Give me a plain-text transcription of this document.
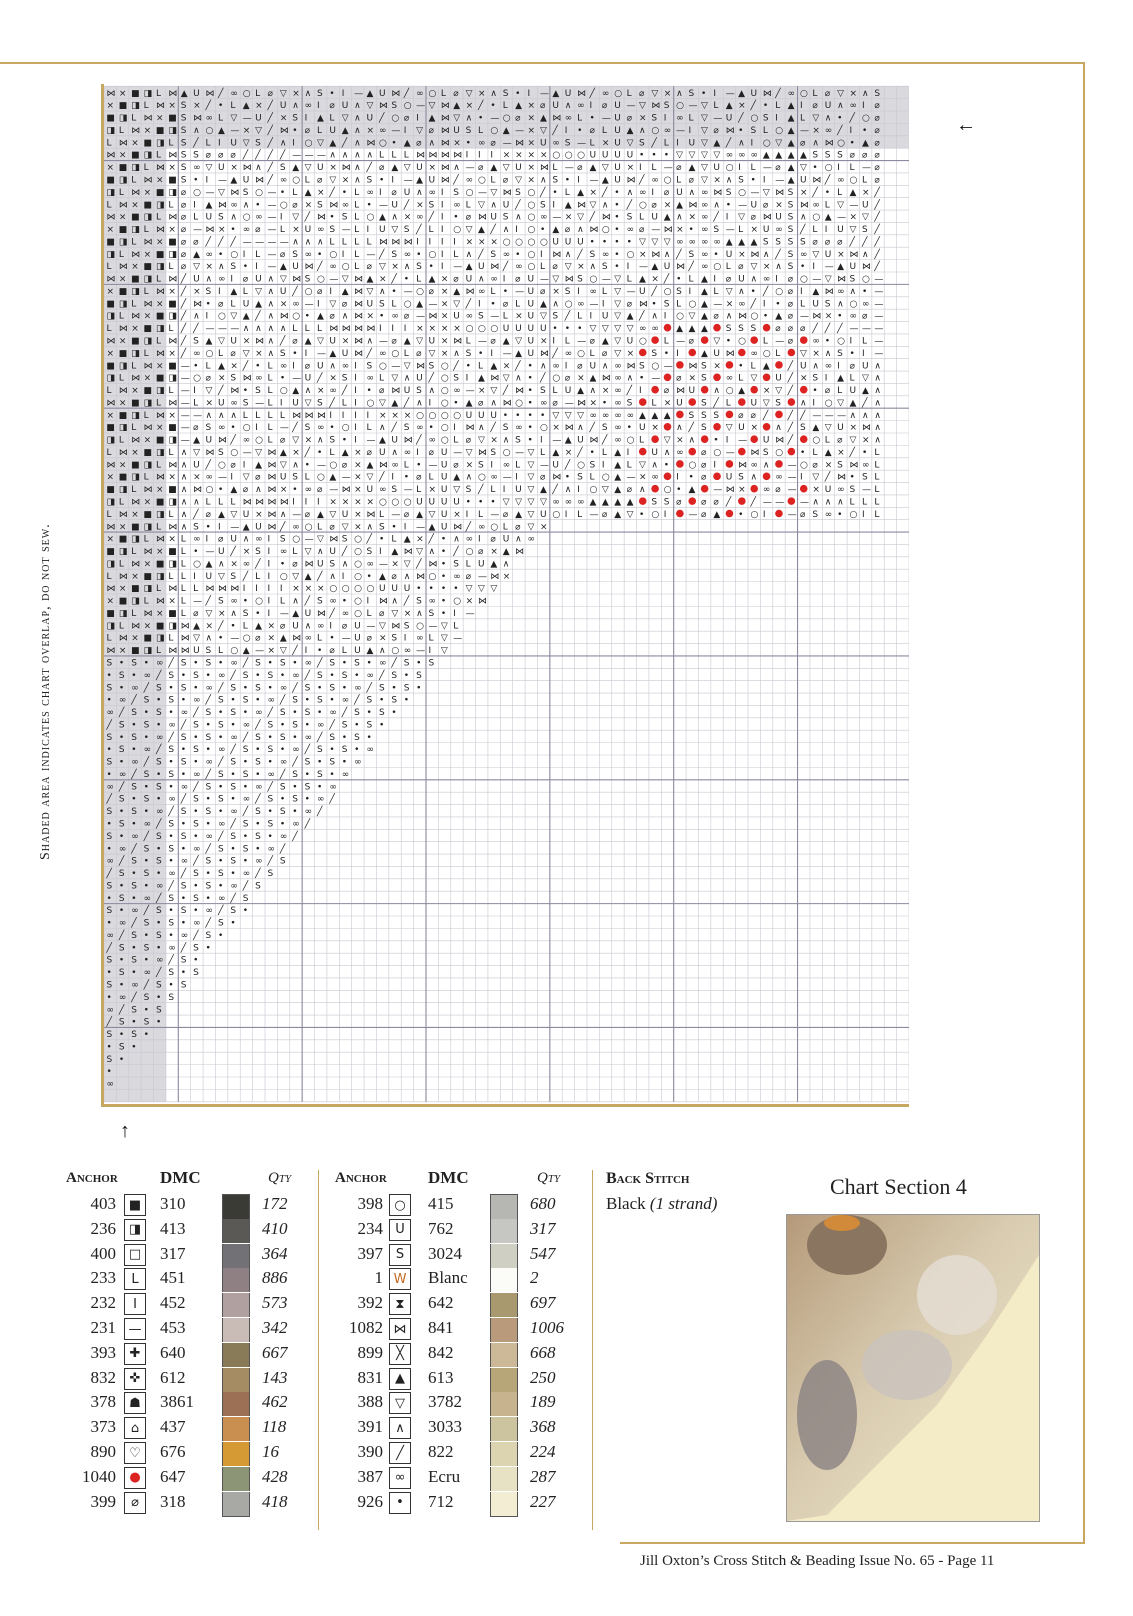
Shaded area indicates chart overlap, do not sew.
⋈ × ■ ◨ L ⋈ ▲ U ⋈ ╱ ∞ ○ L ⌀ ▽ × ∧ S • I — ▲ U ⋈ ╱ ∞ ○ L ⌀ ▽ × ∧ S • I — ▲ U ⋈ ╱ ∞ ○ L ⌀ ▽ × ∧ S • I — ▲ U ⋈ ╱ ∞ ○ L ⌀ ▽ × ∧ S
× ■ ◨ L ⋈ × S × ╱ • L ▲ × ╱ U ∧ ∞ I ⌀ U ∧ ▽ ⋈ S ○ — ▽ ⋈ ▲ × ╱ • L ▲ × ⌀ U ∧ ∞ I ⌀ U — ▽ ⋈ S ○ — ▽ L ▲ × ╱ • L ▲ I ⌀ U ∧ ∞ I ⌀
■ ◨ L ⋈ × ■ S ⋈ ∞ L ▽ — U ╱ × S I ▲ L ▽ ∧ U ╱ ○ ⌀ I ▲ ⋈ ▽ ∧ • — ○ ⌀ × ▲ ⋈ ∞ L • — U ⌀ × S I ∞ L ▽ — U ╱ ○ S I ▲ L ▽ ∧ • ╱ ○ ⌀
◨ L ⋈ × ■ ◨ S ∧ ○ ▲ — × ▽ ╱ ⋈ • ⌀ L U ▲ ∧ × ∞ — I ▽ ⌀ ⋈ U S L ○ ▲ — × ▽ ╱ I • ⌀ L U ▲ ∧ ○ ∞ — I ▽ ⌀ ⋈ • S L ○ ▲ — × ∞ ╱ I • ⌀
L ⋈ × ■ ◨ L S ╱ L I U ▽ S ╱ ∧ I ○ ▽ ▲ ╱ ∧ ⋈ ○ • ▲ ⌀ ∧ ⋈ × • ∞ ⌀ — ⋈ × U ∞ S — L × U ▽ S ╱ L I U ▽ ▲ ╱ ∧ I ○ ▽ ▲ ⌀ ∧ ⋈ ○ • ▲ ⌀
⋈ × ■ ◨ L ⋈ S S ⌀ ⌀ ⌀ ╱ ╱ ╱ ╱ — — — ∧ ∧ ∧ ∧ L L L ⋈ ⋈ ⋈ ⋈ I I I × × × × ○ ○ ○ U U U U • • • ▽ ▽ ▽ ▽ ∞ ∞ ∞ ▲ ▲ ▲ ▲ S S S ⌀ ⌀ ⌀
× ■ ◨ L ⋈ × S ∞ ▽ U × ⋈ ∧ ╱ S ▲ ▽ U × ⋈ ∧ ╱ ⌀ ▲ ▽ U × ⋈ ∧ — ⌀ ▲ ▽ U × ⋈ L — ⌀ ▲ ▽ U × I L — ⌀ ▲ ▽ U ○ I L — ⌀ ▲ ▽ • ○ I L — ⌀
■ ◨ L ⋈ × ■ S • I — ▲ U ⋈ ╱ ∞ ○ L ⌀ ▽ × ∧ S • I — ▲ U ⋈ ╱ ∞ ○ L ⌀ ▽ × ∧ S • I — ▲ U ⋈ ╱ ∞ ○ L ⌀ ▽ × ∧ S • I — ▲ U ⋈ ╱ ∞ ○ L ⌀
◨ L ⋈ × ■ ◨ ⌀ ○ — ▽ ⋈ S ○ — • L ▲ × ╱ • L ∞ I ⌀ U ∧ ∞ I S ○ — ▽ ⋈ S ○ ╱ • L ▲ × ╱ • ∧ ∞ I ⌀ U ∧ ∞ ⋈ S ○ — ▽ ⋈ S × ╱ • L ▲ × ╱
L ⋈ × ■ ◨ L ⌀ I ▲ ⋈ ∞ ∧ • — ○ ⌀ × S ⋈ ∞ L • — U ╱ × S I ∞ L ▽ ∧ U ╱ ○ S I ▲ ⋈ ▽ ∧ • ╱ ○ ⌀ × ▲ ⋈ ∞ ∧ • — U ⌀ × S ⋈ ∞ L ▽ — U ╱
⋈ × ■ ◨ L ⋈ ⌀ L U S ∧ ○ ∞ — I ▽ ╱ ⋈ • S L ○ ▲ ∧ × ∞ ╱ I • ⌀ ⋈ U S ∧ ○ ∞ — × ▽ ╱ ⋈ • S L U ▲ ∧ × ∞ ╱ I ▽ ⌀ ⋈ U S ∧ ○ ▲ — × ▽ ╱
× ■ ◨ L ⋈ × ⌀ — ⋈ × • ∞ ⌀ — L × U ∞ S — L I U ▽ S ╱ L I ○ ▽ ▲ ╱ ∧ I ○ • ▲ ⌀ ∧ ⋈ ○ • ∞ ⌀ — ⋈ × • ∞ S — L × U ∞ S ╱ L I U ▽ S ╱
■ ◨ L ⋈ × ■ ⌀ ⌀ ╱ ╱ ╱ — — — — ∧ ∧ ∧ L L L L ⋈ ⋈ ⋈ I I I I × × × ○ ○ ○ ○ U U U • • • • ▽ ▽ ▽ ∞ ∞ ∞ ∞ ▲ ▲ ▲ S S S S ⌀ ⌀ ⌀ ╱ ╱ ╱
◨ L ⋈ × ■ ◨ ⌀ ▲ ∞ • ○ I L — ⌀ S ∞ • ○ I L — ╱ S ∞ • ○ I L ∧ ╱ S ∞ • ○ I ⋈ ∧ ╱ S ∞ • ○ × ⋈ ∧ ╱ S ∞ • U × ⋈ ∧ ╱ S ∞ ▽ U × ⋈ ∧ ╱
L ⋈ × ■ ◨ L ⌀ ▽ × ∧ S • I — ▲ U ⋈ ╱ ∞ ○ L ⌀ ▽ × ∧ S • I — ▲ U ⋈ ╱ ∞ ○ L ⌀ ▽ × ∧ S • I — ▲ U ⋈ ╱ ∞ ○ L ⌀ ▽ × ∧ S • I — ▲ U ⋈ ╱
⋈ × ■ ◨ L ⋈ ╱ U ∧ ∞ I ⌀ U ∧ ▽ ⋈ S ○ — ▽ ⋈ ▲ × ╱ • L ▲ × ⌀ U ∧ ∞ I ⌀ U — ▽ ⋈ S ○ — ▽ L ▲ × ╱ • L ▲ I ⌀ U ∧ ∞ I ⌀ ○ — ▽ ⋈ S ○ —
× ■ ◨ L ⋈ × ╱ × S I ▲ L ▽ ∧ U ╱ ○ ⌀ I ▲ ⋈ ▽ ∧ • — ○ ⌀ × ▲ ⋈ ∞ L • — U ⌀ × S I ∞ L ▽ — U ╱ ○ S I ▲ L ▽ ∧ • ╱ ○ ⌀ I ▲ ⋈ ∞ ∧ • —
■ ◨ L ⋈ × ■ ╱ ⋈ • ⌀ L U ▲ ∧ × ∞ — I ▽ ⌀ ⋈ U S L ○ ▲ — × ▽ ╱ I • ⌀ L U ▲ ∧ ○ ∞ — I ▽ ⌀ ⋈ • S L ○ ▲ — × ∞ ╱ I • ⌀ L U S ∧ ○ ∞ —
◨ L ⋈ × ■ ◨ ╱ ∧ I ○ ▽ ▲ ╱ ∧ ⋈ ○ • ▲ ⌀ ∧ ⋈ × • ∞ ⌀ — ⋈ × U ∞ S — L × U ▽ S ╱ L I U ▽ ▲ ╱ ∧ I ○ ▽ ▲ ⌀ ∧ ⋈ ○ • ▲ ⌀ — ⋈ × • ∞ ⌀ —
L ⋈ × ■ ◨ L ╱ ╱ — — — ∧ ∧ ∧ ∧ L L L ⋈ ⋈ ⋈ ⋈ I I I × × × × ○ ○ ○ U U U U • • • ▽ ▽ ▽ ▽ ∞ ∞ ▲ ▲ ▲ S S S ⌀ ⌀ ⌀ ╱ ╱ ╱ — — —
⋈ × ■ ◨ L ⋈ ╱ S ▲ ▽ U × ⋈ ∧ ╱ ⌀ ▲ ▽ U × ⋈ ∧ — ⌀ ▲ ▽ U × ⋈ L — ⌀ ▲ ▽ U × I L — ⌀ ▲ ▽ U ○ L — ⌀ ▽ • ○ L — ⌀ ∞ • ○ I L —
× ■ ◨ L ⋈ × ╱ ∞ ○ L ⌀ ▽ × ∧ S • I — ▲ U ⋈ ╱ ∞ ○ L ⌀ ▽ × ∧ S • I — ▲ U ⋈ ╱ ∞ ○ L ⌀ ▽ × S • I ▲ U ⋈ ∞ ○ L ▽ × ∧ S • I —
■ ◨ L ⋈ × ■ — • L ▲ × ╱ • L ∞ I ⌀ U ∧ ∞ I S ○ — ▽ ⋈ S ○ ╱ • L ▲ × ╱ • ∧ ∞ I ⌀ U ∧ ∞ ⋈ S ○ — ⋈ S × • L ▲ ╱ U ∧ ∞ I ⌀ U ∧
◨ L ⋈ × ■ ◨ — ○ ⌀ × S ⋈ ∞ L • — U ╱ × S I ∞ L ▽ ∧ U ╱ ○ S I ▲ ⋈ ▽ ∧ • ╱ ○ ⌀ × ▲ ⋈ ∞ ∧ • — ⌀ × S ∞ L ▽ U ╱ × S I ▲ L ▽ ∧
L ⋈ × ■ ◨ L — I ▽ ╱ ⋈ • S L ○ ▲ ∧ × ∞ ╱ I • ⌀ ⋈ U S ∧ ○ ∞ — × ▽ ╱ ⋈ • S L U ▲ ∧ × ∞ ╱ I ⌀ ⋈ U ∧ ○ ▲ × ▽ ╱ • ⌀ L U ▲ ∧
⋈ × ■ ◨ L ⋈ — L × U ∞ S — L I U ▽ S ╱ L I ○ ▽ ▲ ╱ ∧ I ○ • ▲ ⌀ ∧ ⋈ ○ • ∞ ⌀ — ⋈ × • ∞ S L × U S ╱ L U ▽ S ∧ I ○ ▽ ▲ ╱ ∧
× ■ ◨ L ⋈ × — — ∧ ∧ ∧ L L L L ⋈ ⋈ ⋈ I I I I × × × ○ ○ ○ ○ U U U • • • • ▽ ▽ ▽ ∞ ∞ ∞ ∞ ▲ ▲ ▲ S S S ⌀ ⌀ ╱ ╱ ╱ — — — ∧ ∧ ∧
■ ◨ L ⋈ × ■ — ⌀ S ∞ • ○ I L — ╱ S ∞ • ○ I L ∧ ╱ S ∞ • ○ I ⋈ ∧ ╱ S ∞ • ○ × ⋈ ∧ ╱ S ∞ • U × ∧ ╱ S ▽ U × ∧ ╱ S ▲ ▽ U × ⋈ ∧
◨ L ⋈ × ■ ◨ — ▲ U ⋈ ╱ ∞ ○ L ⌀ ▽ × ∧ S • I — ▲ U ⋈ ╱ ∞ ○ L ⌀ ▽ × ∧ S • I — ▲ U ⋈ ╱ ∞ ○ L ▽ × ∧ • I — U ⋈ ╱ ○ L ⌀ ▽ × ∧
L ⋈ × ■ ◨ L ∧ ▽ ⋈ S ○ — ▽ ⋈ ▲ × ╱ • L ▲ × ⌀ U ∧ ∞ I ⌀ U — ▽ ⋈ S ○ — ▽ L ▲ × ╱ • L ▲ I U ∧ ∞ ⌀ ○ — ⋈ S ○ • L ▲ × ╱ • L
⋈ × ■ ◨ L ⋈ ∧ U ╱ ○ ⌀ I ▲ ⋈ ▽ ∧ • — ○ ⌀ × ▲ ⋈ ∞ L • — U ⌀ × S I ∞ L ▽ — U ╱ ○ S I ▲ L ▽ ∧ • ○ ⌀ I ⋈ ∞ ∧ — ○ ⌀ × S ⋈ ∞ L
× ■ ◨ L ⋈ × ∧ × ∞ — I ▽ ⌀ ⋈ U S L ○ ▲ — × ▽ ╱ I • ⌀ L U ▲ ∧ ○ ∞ — I ▽ ⌀ ⋈ • S L ○ ▲ — × ∞ I • ⌀ U S ∧ ∞ — I ▽ ╱ ⋈ • S L
■ ◨ L ⋈ × ■ ∧ ⋈ ○ • ▲ ⌀ ∧ ⋈ × • ∞ ⌀ — ⋈ × U ∞ S — L × U ▽ S ╱ L I U ▽ ▲ ╱ ∧ I ○ ▽ ▲ ⌀ ∧ ○ • ▲ — ⋈ × ∞ ⌀ — × U ∞ S — L
◨ L ⋈ × ■ ◨ ∧ ∧ L L L ⋈ ⋈ ⋈ ⋈ I I I × × × × ○ ○ ○ U U U U • • • ▽ ▽ ▽ ▽ ∞ ∞ ∞ ▲ ▲ ▲ ▲ S S ⌀ ⌀ ⌀ ╱ ╱ — — — ∧ ∧ ∧ L L L
L ⋈ × ■ ◨ L ∧ ╱ ⌀ ▲ ▽ U × ⋈ ∧ — ⌀ ▲ ▽ U × ⋈ L — ⌀ ▲ ▽ U × I L — ⌀ ▲ ▽ U ○ I L — ⌀ ▲ ▽ • ○ I — ⌀ ▲ • ○ I — ⌀ S ∞ • ○ I L
⋈ × ■ ◨ L ⋈ ∧ S • I — ▲ U ⋈ ╱ ∞ ○ L ⌀ ▽ × ∧ S • I — ▲ U ⋈ ╱ ∞ ○ L ⌀ ▽ ×
× ■ ◨ L ⋈ × L ∞ I ⌀ U ∧ ∞ I S ○ — ▽ ⋈ S ○ ╱ • L ▲ × ╱ • ∧ ∞ I ⌀ U ∧ ∞
■ ◨ L ⋈ × ■ L • — U ╱ × S I ∞ L ▽ ∧ U ╱ ○ S I ▲ ⋈ ▽ ∧ • ╱ ○ ⌀ × ▲ ⋈
◨ L ⋈ × ■ ◨ L ○ ▲ ∧ × ∞ ╱ I • ⌀ ⋈ U S ∧ ○ ∞ — × ▽ ╱ ⋈ • S L U ▲ ∧
L ⋈ × ■ ◨ L L I U ▽ S ╱ L I ○ ▽ ▲ ╱ ∧ I ○ • ▲ ⌀ ∧ ⋈ ○ • ∞ ⌀ — ⋈ ×
⋈ × ■ ◨ L ⋈ L L ⋈ ⋈ ⋈ I I I I × × × ○ ○ ○ ○ U U U • • • • ▽ ▽ ▽
× ■ ◨ L ⋈ × L — ╱ S ∞ • ○ I L ∧ ╱ S ∞ • ○ I ⋈ ∧ ╱ S ∞ • ○ × ⋈
■ ◨ L ⋈ × ■ L ⌀ ▽ × ∧ S • I — ▲ U ⋈ ╱ ∞ ○ L ⌀ ▽ × ∧ S • I —
◨ L ⋈ × ■ ◨ ⋈ ▲ × ╱ • L ▲ × ⌀ U ∧ ∞ I ⌀ U — ▽ ⋈ S ○ — ▽ L
L ⋈ × ■ ◨ L ⋈ ▽ ∧ • — ○ ⌀ × ▲ ⋈ ∞ L • — U ⌀ × S I ∞ L ▽ —
⋈ × ■ ◨ L ⋈ ⋈ U S L ○ ▲ — × ▽ ╱ I • ⌀ L U ▲ ∧ ○ ∞ — I ▽
S • S • ∞ ╱ S • S • ∞ ╱ S • S • ∞ ╱ S • S • ∞ ╱ S • S
• S • ∞ ╱ S • S • ∞ ╱ S • S • ∞ ╱ S • S • ∞ ╱ S • S
S • ∞ ╱ S • S • ∞ ╱ S • S • ∞ ╱ S • S • ∞ ╱ S • S •
• ∞ ╱ S • S • ∞ ╱ S • S • ∞ ╱ S • S • ∞ ╱ S • S •
∞ ╱ S • S • ∞ ╱ S • S • ∞ ╱ S • S • ∞ ╱ S • S •
╱ S • S • ∞ ╱ S • S • ∞ ╱ S • S • ∞ ╱ S • S •
S • S • ∞ ╱ S • S • ∞ ╱ S • S • ∞ ╱ S • S •
• S • ∞ ╱ S • S • ∞ ╱ S • S • ∞ ╱ S • S • ∞
S • ∞ ╱ S • S • ∞ ╱ S • S • ∞ ╱ S • S • ∞
• ∞ ╱ S • S • ∞ ╱ S • S • ∞ ╱ S • S • ∞
∞ ╱ S • S • ∞ ╱ S • S • ∞ ╱ S • S • ∞
╱ S • S • ∞ ╱ S • S • ∞ ╱ S • S • ∞ ╱
S • S • ∞ ╱ S • S • ∞ ╱ S • S • ∞ ╱
• S • ∞ ╱ S • S • ∞ ╱ S • S • ∞ ╱
S • ∞ ╱ S • S • ∞ ╱ S • S • ∞ ╱
• ∞ ╱ S • S • ∞ ╱ S • S • ∞ ╱
∞ ╱ S • S • ∞ ╱ S • S • ∞ ╱ S
╱ S • S • ∞ ╱ S • S • ∞ ╱ S
S • S • ∞ ╱ S • S • ∞ ╱ S
• S • ∞ ╱ S • S • ∞ ╱ S
S • ∞ ╱ S • S • ∞ ╱ S •
• ∞ ╱ S • S • ∞ ╱ S •
∞ ╱ S • S • ∞ ╱ S •
╱ S • S • ∞ ╱ S •
S • S • ∞ ╱ S •
• S • ∞ ╱ S • S
S • ∞ ╱ S • S
• ∞ ╱ S • S
∞ ╱ S • S
╱ S • S •
S • S •
• S •
S •
•
∞
↑
←
Anchor DMC	Qty
403 ■ 310	172
236 ◨ 413	410
400 □ 317	364
233	L	451	886
232	I	452	573
231 — 453	342
393	✚	640	667
832	✜	612	143
378	☗	3861	462
373	⌂	437	118
890	♡	676	16
1040	●	647	428
399	⌀	318	418
Anchor DMC	Qty
398 ○	415	680
234 U	762	317
397 S	3024	547
1 W Blanc	2
392 ⧗	642	697
1082 ⋈ 841	1006
899	╳	842	668
831 ▲	613	250
388 ▽	3782	189
391 ∧	3033	368
390	╱	822	224
387 ∞	Ecru	287
926	•	712	227
Back Stitch
Black (1 strand)
Chart Section 4
Jill Oxton’s Cross Stitch & Beading Issue No. 65 - Page 11
